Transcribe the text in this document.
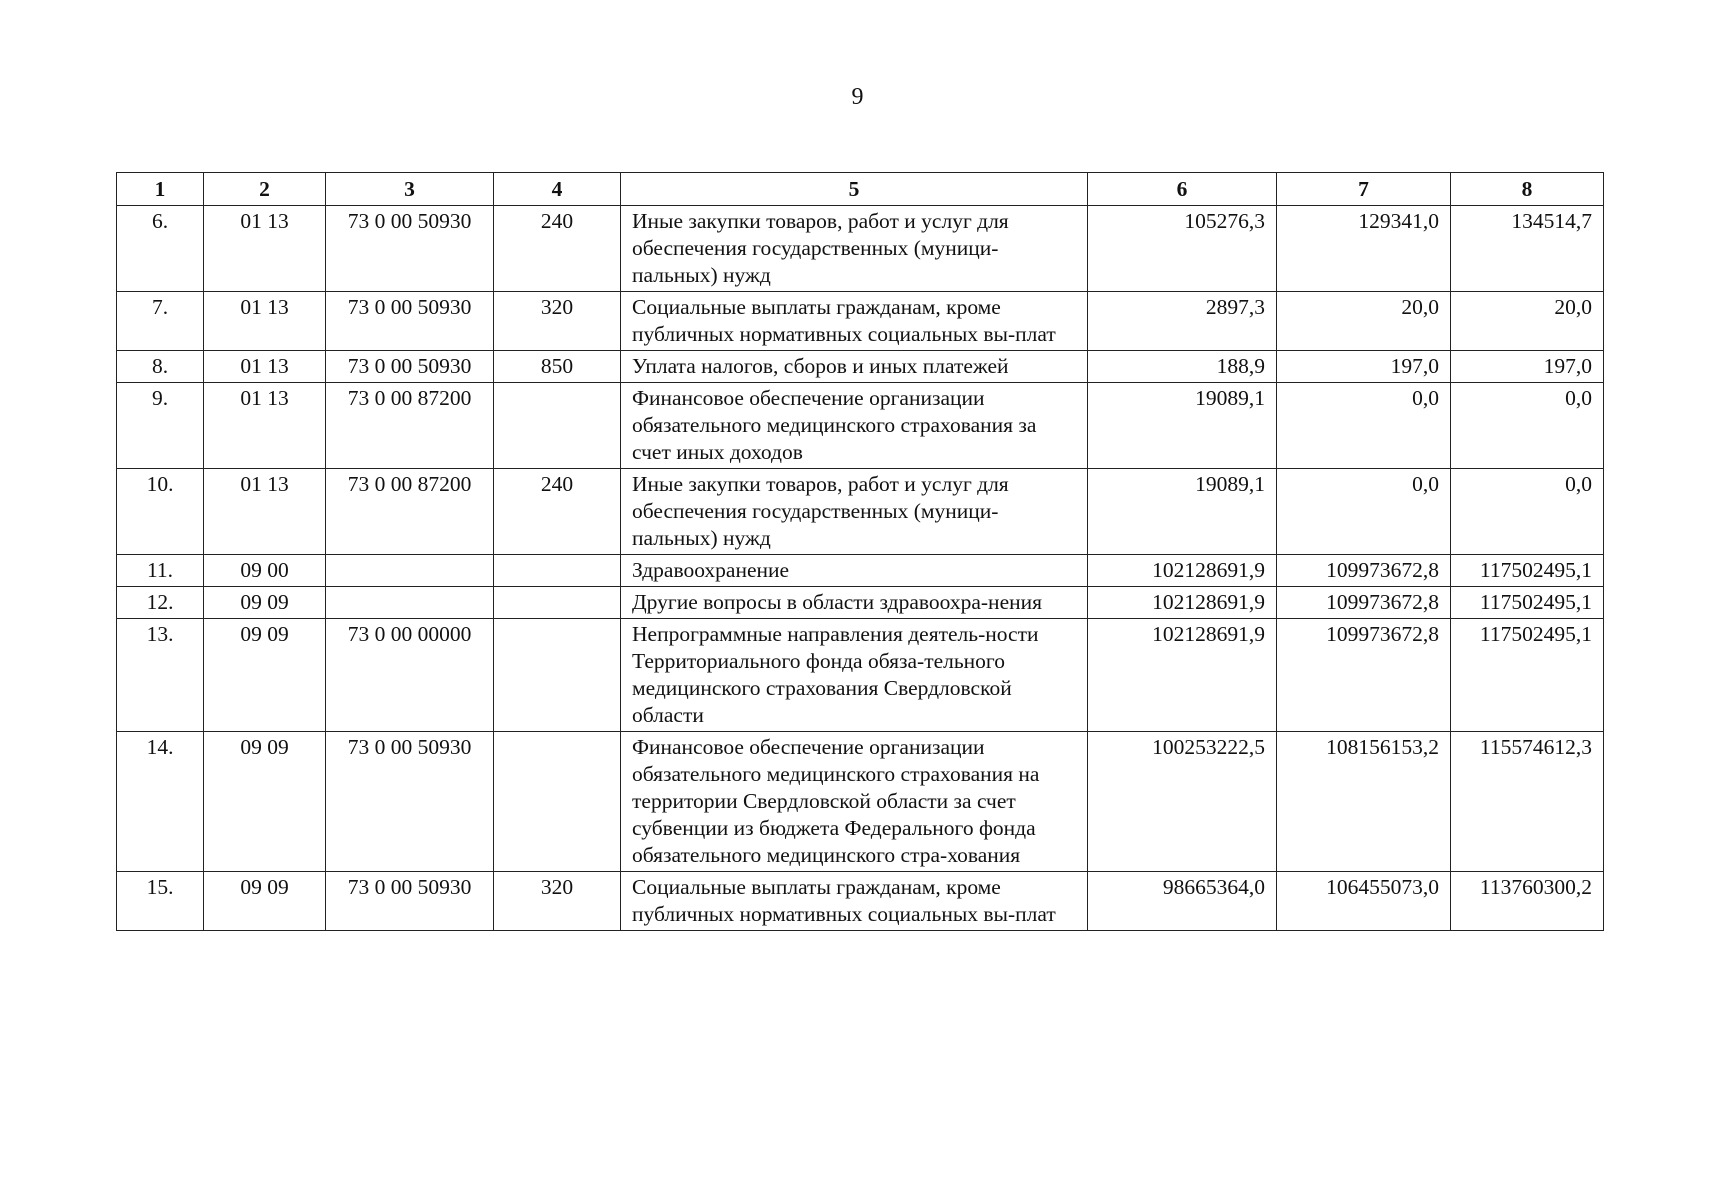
9
1	2	3	4	5	6	7	8
6.	01 13	73 0 00 50930	240	Иные закупки товаров, работ и услуг для обеспечения государственных (муници-пальных) нужд	105276,3	129341,0	134514,7
7.	01 13	73 0 00 50930	320	Социальные выплаты гражданам, кроме публичных нормативных социальных вы-плат	2897,3	20,0	20,0
8.	01 13	73 0 00 50930	850	Уплата налогов, сборов и иных платежей	188,9	197,0	197,0
9.	01 13	73 0 00 87200		Финансовое обеспечение организации обязательного медицинского страхования за счет иных доходов	19089,1	0,0	0,0
10.	01 13	73 0 00 87200	240	Иные закупки товаров, работ и услуг для обеспечения государственных (муници-пальных) нужд	19089,1	0,0	0,0
11.	09 00			Здравоохранение	102128691,9	109973672,8	117502495,1
12.	09 09			Другие вопросы в области здравоохра-нения	102128691,9	109973672,8	117502495,1
13.	09 09	73 0 00 00000		Непрограммные направления деятель-ности Территориального фонда обяза-тельного медицинского страхования Свердловской области	102128691,9	109973672,8	117502495,1
14.	09 09	73 0 00 50930		Финансовое обеспечение организации обязательного медицинского страхования на территории Свердловской области за счет субвенции из бюджета Федерального фонда обязательного медицинского стра-хования	100253222,5	108156153,2	115574612,3
15.	09 09	73 0 00 50930	320	Социальные выплаты гражданам, кроме публичных нормативных социальных вы-плат	98665364,0	106455073,0	113760300,2
